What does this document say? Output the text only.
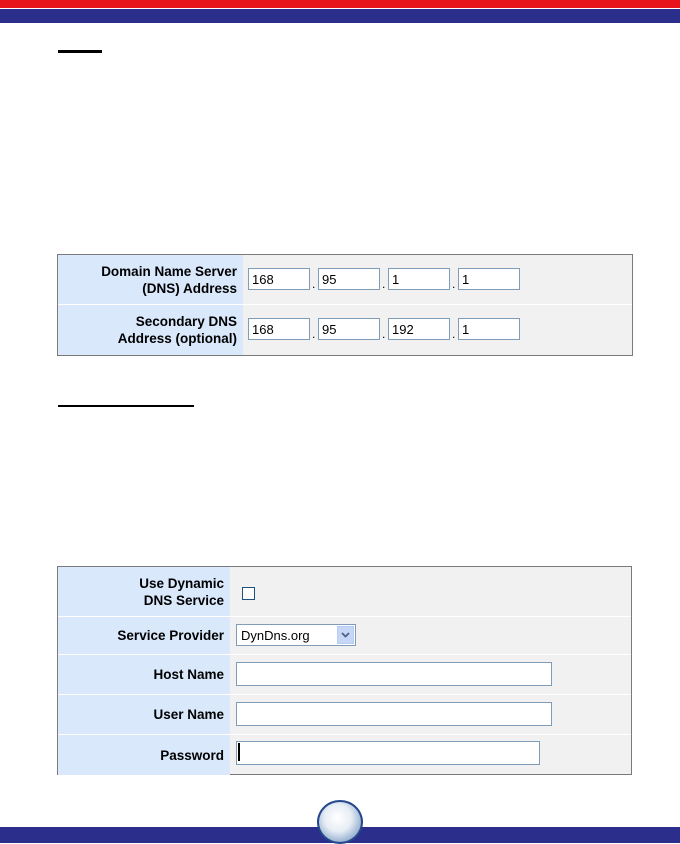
Domain Name Server
(DNS) Address
168	. 95	. 1	. 1
Secondary DNS
Address (optional)
168	. 95	. 192	. 1
Use Dynamic
DNS Service
Service Provider	DynDns.org
Host Name
User Name
Password
